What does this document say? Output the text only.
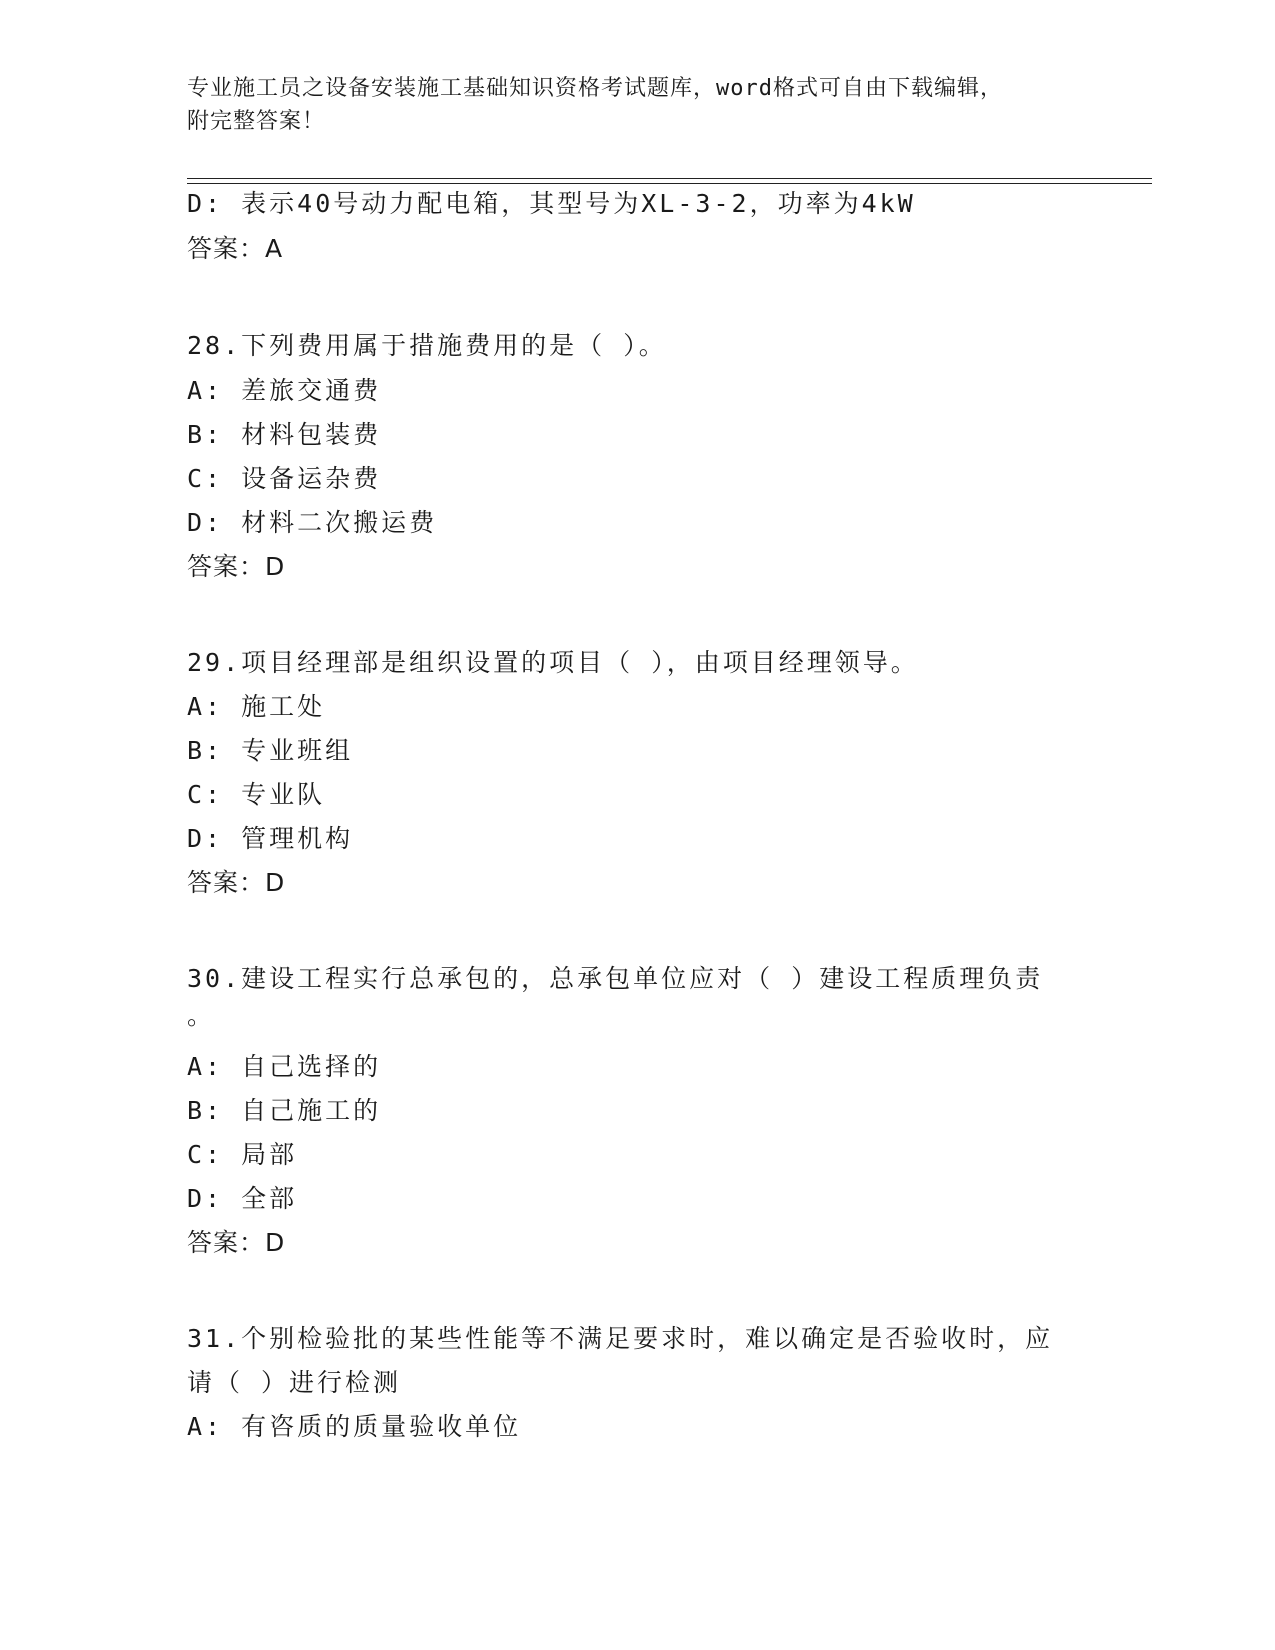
专业施工员之设备安装施工基础知识资格考试题库，word格式可自由下载编辑，
附完整答案！
D: 表示40号动力配电箱，其型号为XL-3-2，功率为4kW
答案：A
28.下列费用属于措施费用的是（ ）。
A: 差旅交通费
B: 材料包装费
C: 设备运杂费
D: 材料二次搬运费
答案：D
29.项目经理部是组织设置的项目（ ），由项目经理领导。
A: 施工处
B: 专业班组
C: 专业队
D: 管理机构
答案：D
30.建设工程实行总承包的，总承包单位应对（ ）建设工程质理负责
。
A: 自己选择的
B: 自己施工的
C: 局部
D: 全部
答案：D
31.个别检验批的某些性能等不满足要求时，难以确定是否验收时，应
请（ ）进行检测
A: 有咨质的质量验收单位
